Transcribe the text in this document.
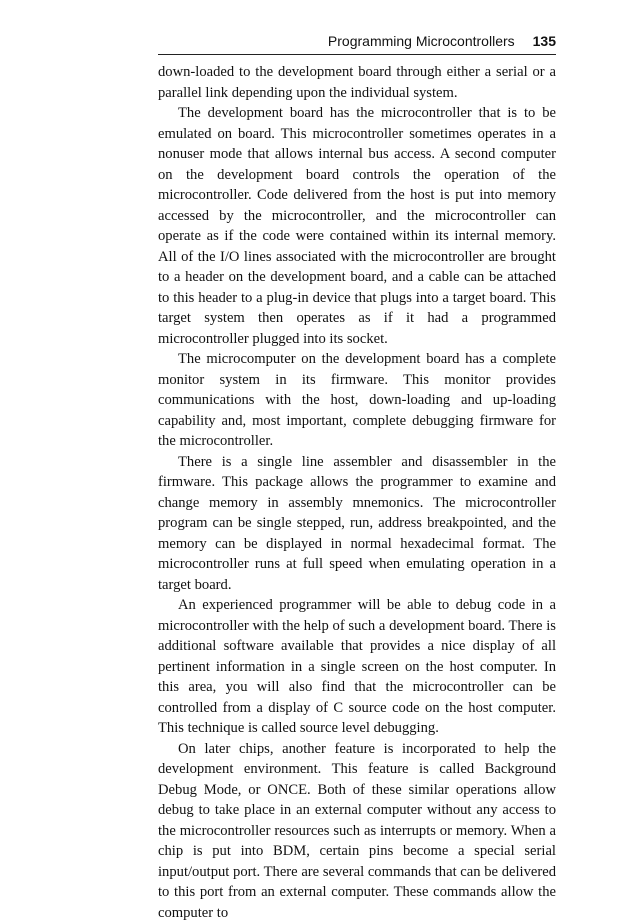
Programming Microcontrollers 135

down-loaded to the development board through either a serial or a parallel link depending upon the individual system.

The development board has the microcontroller that is to be emulated on board. This microcontroller sometimes operates in a nonuser mode that allows internal bus access. A second computer on the development board controls the operation of the microcontroller. Code delivered from the host is put into memory accessed by the microcontroller, and the microcontroller can operate as if the code were contained within its internal memory. All of the I/O lines associated with the microcontroller are brought to a header on the development board, and a cable can be attached to this header to a plug-in device that plugs into a target board. This target system then operates as if it had a programmed microcontroller plugged into its socket.

The microcomputer on the development board has a complete monitor system in its firmware. This monitor provides communications with the host, down-loading and up-loading capability and, most important, complete debugging firmware for the microcontroller.

There is a single line assembler and disassembler in the firmware. This package allows the programmer to examine and change memory in assembly mnemonics. The microcontroller program can be single stepped, run, address breakpointed, and the memory can be displayed in normal hexadecimal format. The microcontroller runs at full speed when emulating operation in a target board.

An experienced programmer will be able to debug code in a microcontroller with the help of such a development board. There is additional software available that provides a nice display of all pertinent information in a single screen on the host computer. In this area, you will also find that the microcontroller can be controlled from a display of C source code on the host computer. This technique is called source level debugging.

On later chips, another feature is incorporated to help the development environment. This feature is called Background Debug Mode, or ONCE. Both of these similar operations allow debug to take place in an external computer without any access to the microcontroller resources such as interrupts or memory. When a chip is put into BDM, certain pins become a special serial input/output port. There are several commands that can be delivered to this port from an external computer. These commands allow the computer to
